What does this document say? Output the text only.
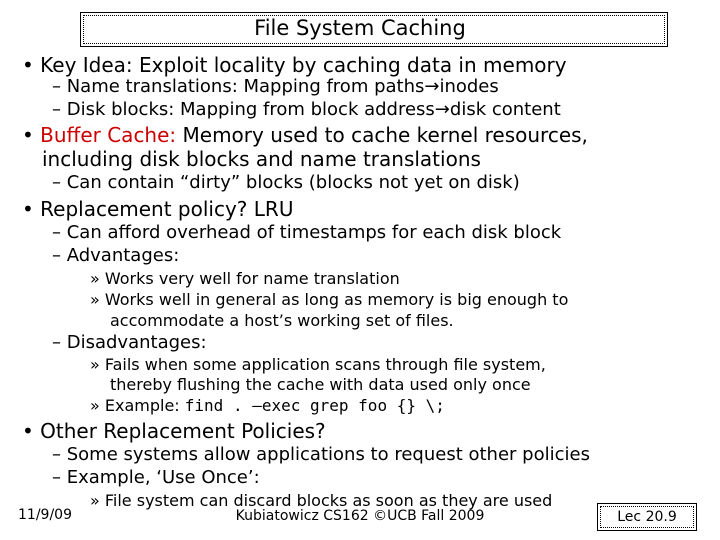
File System Caching
• Key Idea: Exploit locality by caching data in memory
– Name translations: Mapping from paths→inodes
– Disk blocks: Mapping from block address→disk content
• Buffer Cache: Memory used to cache kernel resources,
including disk blocks and name translations
– Can contain “dirty” blocks (blocks not yet on disk)
• Replacement policy? LRU
– Can afford overhead of timestamps for each disk block
– Advantages:
» Works very well for name translation
» Works well in general as long as memory is big enough to
accommodate a host’s working set of files.
– Disadvantages:
» Fails when some application scans through file system,
thereby flushing the cache with data used only once
» Example: find . –exec grep foo {} \;
• Other Replacement Policies?
– Some systems allow applications to request other policies
– Example, ‘Use Once’:
» File system can discard blocks as soon as they are used
11/9/09	Kubiatowicz CS162 ©UCB Fall 2009	Lec 20.9
